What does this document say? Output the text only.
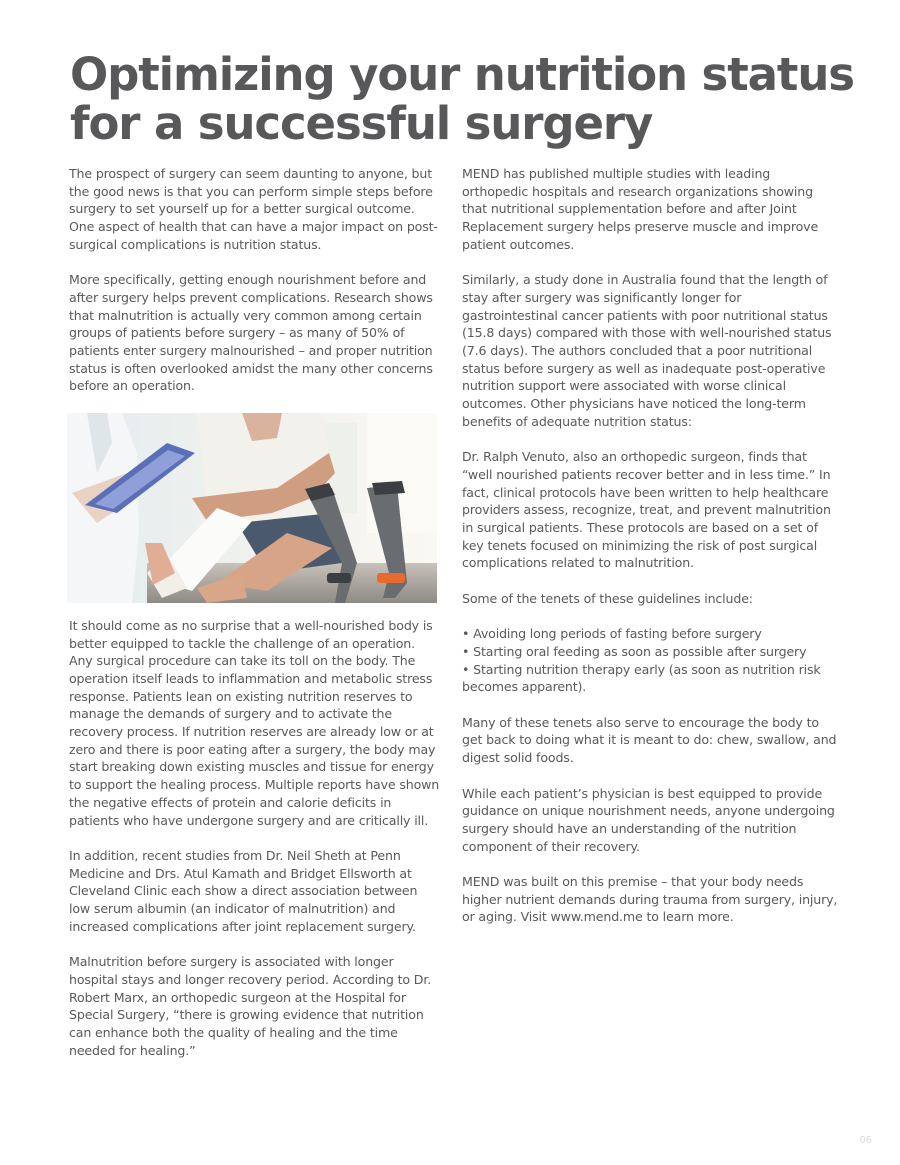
Optimizing your nutrition status
for a successful surgery

The prospect of surgery can seem daunting to anyone, but the good news is that you can perform simple steps before surgery to set yourself up for a better surgical outcome. One aspect of health that can have a major impact on post-surgical complications is nutrition status.

More specifically, getting enough nourishment before and after surgery helps prevent complications. Research shows that malnutrition is actually very common among certain groups of patients before surgery – as many of 50% of patients enter surgery malnourished – and proper nutrition status is often overlooked amidst the many other concerns before an operation.

It should come as no surprise that a well-nourished body is better equipped to tackle the challenge of an operation. Any surgical procedure can take its toll on the body. The operation itself leads to inflammation and metabolic stress response. Patients lean on existing nutrition reserves to manage the demands of surgery and to activate the recovery process. If nutrition reserves are already low or at zero and there is poor eating after a surgery, the body may start breaking down existing muscles and tissue for energy to support the healing process. Multiple reports have shown the negative effects of protein and calorie deficits in patients who have undergone surgery and are critically ill.

In addition, recent studies from Dr. Neil Sheth at Penn Medicine and Drs. Atul Kamath and Bridget Ellsworth at Cleveland Clinic each show a direct association between low serum albumin (an indicator of malnutrition) and increased complications after joint replacement surgery.

Malnutrition before surgery is associated with longer hospital stays and longer recovery period. According to Dr. Robert Marx, an orthopedic surgeon at the Hospital for Special Surgery, “there is growing evidence that nutrition can enhance both the quality of healing and the time needed for healing.”

MEND has published multiple studies with leading orthopedic hospitals and research organizations showing that nutritional supplementation before and after Joint Replacement surgery helps preserve muscle and improve patient outcomes.

Similarly, a study done in Australia found that the length of stay after surgery was significantly longer for gastrointestinal cancer patients with poor nutritional status (15.8 days) compared with those with well-nourished status (7.6 days). The authors concluded that a poor nutritional status before surgery as well as inadequate post-operative nutrition support were associated with worse clinical outcomes. Other physicians have noticed the long-term benefits of adequate nutrition status:

Dr. Ralph Venuto, also an orthopedic surgeon, finds that “well nourished patients recover better and in less time.” In fact, clinical protocols have been written to help healthcare providers assess, recognize, treat, and prevent malnutrition in surgical patients. These protocols are based on a set of key tenets focused on minimizing the risk of post surgical complications related to malnutrition.

Some of the tenets of these guidelines include:

• Avoiding long periods of fasting before surgery
• Starting oral feeding as soon as possible after surgery
• Starting nutrition therapy early (as soon as nutrition risk becomes apparent).

Many of these tenets also serve to encourage the body to get back to doing what it is meant to do: chew, swallow, and digest solid foods.

While each patient’s physician is best equipped to provide guidance on unique nourishment needs, anyone undergoing surgery should have an understanding of the nutrition component of their recovery.

MEND was built on this premise – that your body needs higher nutrient demands during trauma from surgery, injury, or aging. Visit www.mend.me to learn more.

06
